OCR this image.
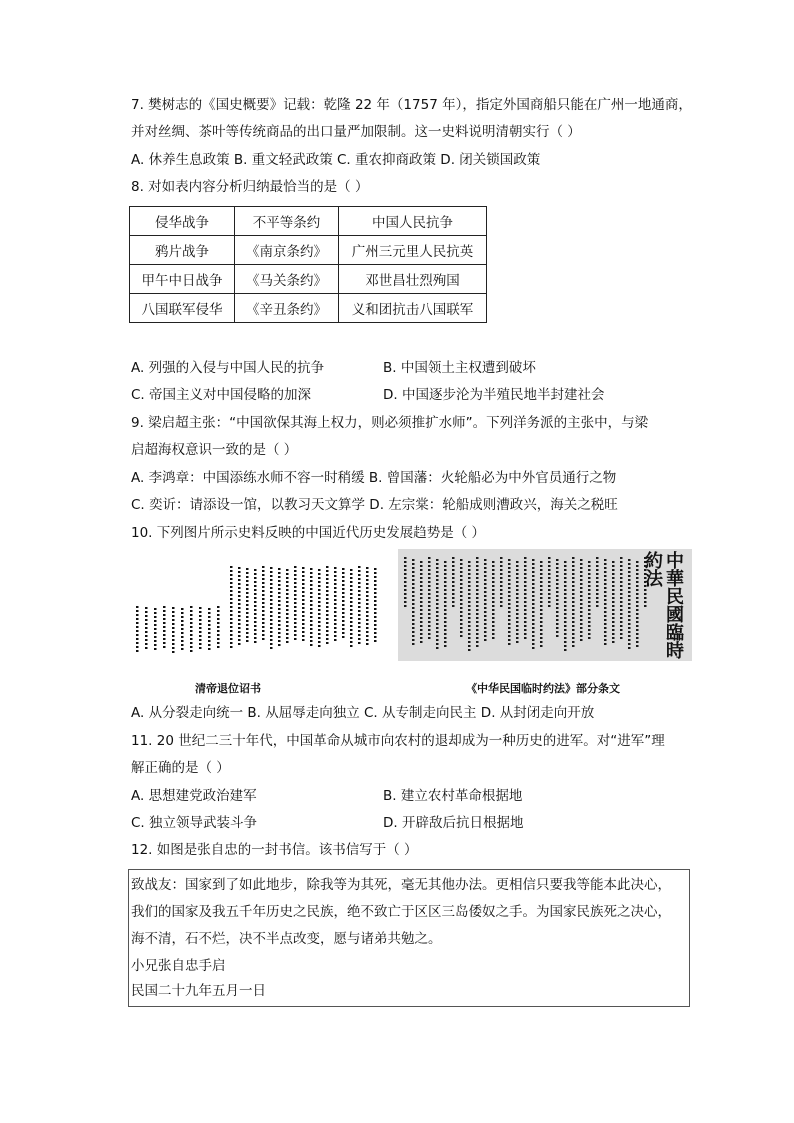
7. 樊树志的《国史概要》记载：乾隆 22 年（1757 年），指定外国商船只能在广州一地通商，
并对丝绸、茶叶等传统商品的出口量严加限制。这一史料说明清朝实行（ ）
A. 休养生息政策 B. 重文轻武政策 C. 重农抑商政策 D. 闭关锁国政策
8. 对如表内容分析归纳最恰当的是（ ）
侵华战争	不平等条约	中国人民抗争
鸦片战争	《南京条约》	广州三元里人民抗英
甲午中日战争	《马关条约》	邓世昌壮烈殉国
八国联军侵华	《辛丑条约》	义和团抗击八国联军
A. 列强的入侵与中国人民的抗争	B. 中国领土主权遭到破坏
C. 帝国主义对中国侵略的加深	D. 中国逐步沦为半殖民地半封建社会
9. 梁启超主张：“中国欲保其海上权力，则必须推扩水师”。下列洋务派的主张中，与梁
启超海权意识一致的是（ ）
A. 李鸿章：中国添练水师不容一时稍缓 B. 曾国藩：火轮船必为中外官员通行之物
C. 奕䜣：请添设一馆，以教习天文算学 D. 左宗棠：轮船成则漕政兴，海关之税旺
10. 下列图片所示史料反映的中国近代历史发展趋势是（ ）
清帝退位诏书
中華民國臨時約法
《中华民国临时约法》部分条文
A. 从分裂走向统一 B. 从屈辱走向独立 C. 从专制走向民主 D. 从封闭走向开放
11. 20 世纪二三十年代，中国革命从城市向农村的退却成为一种历史的进军。对“进军”理
解正确的是（ ）
A. 思想建党政治建军	B. 建立农村革命根据地
C. 独立领导武装斗争	D. 开辟敌后抗日根据地
12. 如图是张自忠的一封书信。该书信写于（ ）
致战友：国家到了如此地步，除我等为其死，毫无其他办法。更相信只要我等能本此决心，
我们的国家及我五千年历史之民族，绝不致亡于区区三岛倭奴之手。为国家民族死之决心，
海不清，石不烂，决不半点改变，愿与诸弟共勉之。
小兄张自忠手启
民国二十九年五月一日
